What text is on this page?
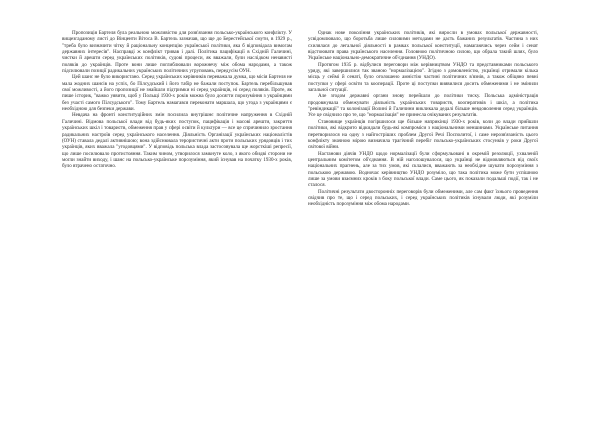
Пропозиція Бартеля була реальною можливістю для розв'язання польсько-українського конфлікту. У вищезгаданому листі до Вінценти Вітоса В. Бартель зазначав, що ще до Берестейської смути, в 1929 р., "треба було визначити чітку й раціональну концепцію української політики, яка б відповідала вимогам державних інтересів". Насправді ж конфлікт тривав і далі. Політика пацифікації в Східній Галичині, чистки й арешти серед українських політиків, судові процеси, як вважали, були наслідком ненависті поляків до українців. Проте вони лише поглиблювали ворожнечу між обома народами, а також підсилювали позиції радикальних українських політичних угруповань, передусім ОУН.

Цей шанс не було використано. Серед українських керівників переважала думка, що місія Бартеля не мала жодних шансів на успіх, бо Пілсудський і його табір не бажали поступок. Бартель перебільшував свої можливості, а його пропозиції не знайшли підтримки ні серед українців, ні серед поляків. Проте, як пише історик, "важко уявити, щоб у Польщі 1930-х років можна було досягти порозуміння з українцями без участі самого Пілсудського". Тому Бартель намагався переконати маршала, що угода з українцями є необхідною для безпеки держави.

Невдача на фронті конституційних змін посилила внутрішнє політичне напруження в Східній Галичині. Відмова польської влади від будь-яких поступок, пацифікація і масові арешти, закриття українських шкіл і товариств, обмеження прав у сфері освіти й культури — все це спричинило зростання радикальних настроїв серед українського населення. Діяльність Організації українських націоналістів (ОУН) ставала дедалі активнішою; вона здійснювала терористичні акти проти польських урядовців і тих українців, яких вважала "угодовцями". У відповідь польська влада застосовувала ще жорсткіші репресії, що лише посилювало протистояння. Таким чином, утворилося замкнуте коло, з якого обидві сторони не могли знайти виходу, і шанс на польсько-українське порозуміння, який існував на початку 1930-х років, було втрачено остаточно.

Однак нове покоління українських політиків, які виросли в умовах польської державності, усвідомлювало, що боротьба лише силовими методами не дасть бажаних результатів. Частина з них схилялася до легальної діяльності в рамках польської конституції, намагаючись через сейм і сенат відстоювати права українського населення. Головною політичною силою, що обрала такий шлях, було Українське національно-демократичне об'єднання (УНДО).

Протягом 1935 р. відбулися переговори між керівництвом УНДО та представниками польського уряду, які завершилися так званою "нормалізацією". Згідно з домовленістю, українці отримали кілька місць у сеймі й сенаті, було оголошено амністію частині політичних в'язнів, а також обіцяно певні поступки у сфері освіти та кооперації. Проте ці поступки виявилися досить обмеженими і не змінили загальної ситуації.

Але згодом державні органи знову перейшли до політики тиску. Польська адміністрація продовжувала обмежувати діяльність українських товариств, кооперативів і шкіл, а політика "ревіндикації" та колонізації Волині й Галичини викликала дедалі більше невдоволення серед українців. Усе це свідчило про те, що "нормалізація" не принесла очікуваних результатів.

Становище українців погіршилося ще більше наприкінці 1930-х років, коли до влади прийшли політики, які відкрито відкидали будь-які компроміси з національними меншинами. Українське питання перетворилося на одну з найгостріших проблем Другої Речі Посполитої, і саме нерозв'язаність цього конфлікту значною мірою визначила трагічний перебіг польсько-українських стосунків у роки Другої світової війни.

Настанови діячів УНДО щодо нормалізації були сформульовані в окремій резолюції, ухваленій центральним комітетом об'єднання. В ній наголошувалося, що українці не відмовляються від своїх національних прагнень, але за тих умов, які склалися, вважають за необхідне шукати порозуміння з польською державою. Водночас керівництво УНДО розуміло, що така політика може бути успішною лише за умови взаємних кроків з боку польської влади. Саме цього, як показали подальші події, так і не сталося.

Політичні результати двосторонніх переговорів були обмеженими, але сам факт їхнього проведення свідчив про те, що і серед польських, і серед українських політиків існували люди, які розуміли необхідність порозуміння між обома народами.
